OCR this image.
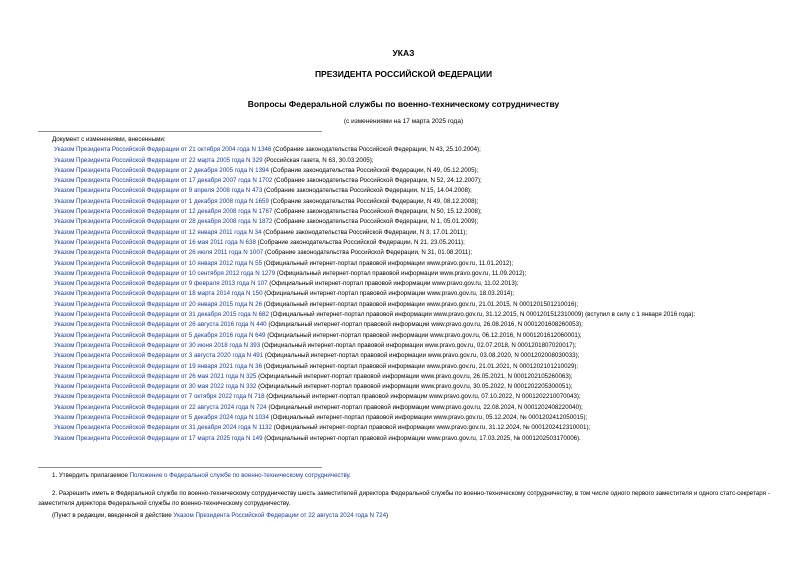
УКАЗ
ПРЕЗИДЕНТА РОССИЙСКОЙ ФЕДЕРАЦИИ
Вопросы Федеральной службы по военно-техническому сотрудничеству
(с изменениями на 17 марта 2025 года)
Документ с изменениями, внесенными:
Указом Президента Российской Федерации от 21 октября 2004 года N 1346 (Собрание законодательства Российской Федерации, N 43, 25.10.2004);
Указом Президента Российской Федерации от 22 марта 2005 года N 329 (Российская газета, N 63, 30.03.2005);
Указом Президента Российской Федерации от 2 декабря 2005 года N 1394 (Собрание законодательства Российской Федерации, N 49, 05.12.2005);
Указом Президента Российской Федерации от 17 декабря 2007 года N 1702 (Собрание законодательства Российской Федерации, N 52, 24.12.2007);
Указом Президента Российской Федерации от 9 апреля 2008 года N 473 (Собрание законодательства Российской Федерации, N 15, 14.04.2008);
Указом Президента Российской Федерации от 1 декабря 2008 года N 1659 (Собрание законодательства Российской Федерации, N 49, 08.12.2008);
Указом Президента Российской Федерации от 12 декабря 2008 года N 1767 (Собрание законодательства Российской Федерации, N 50, 15.12.2008);
Указом Президента Российской Федерации от 28 декабря 2008 года N 1872 (Собрание законодательства Российской Федерации, N 1, 05.01.2009);
Указом Президента Российской Федерации от 12 января 2011 года N 34 (Собрание законодательства Российской Федерации, N 3, 17.01.2011);
Указом Президента Российской Федерации от 16 мая 2011 года N 638 (Собрание законодательства Российской Федерации, N 21, 23.05.2011);
Указом Президента Российской Федерации от 26 июля 2011 года N 1007 (Собрание законодательства Российской Федерации, N 31, 01.08.2011);
Указом Президента Российской Федерации от 10 января 2012 года N 55 (Официальный интернет-портал правовой информации www.pravo.gov.ru, 11.01.2012);
Указом Президента Российской Федерации от 10 сентября 2012 года N 1279 (Официальный интернет-портал правовой информации www.pravo.gov.ru, 11.09.2012);
Указом Президента Российской Федерации от 9 февраля 2013 года N 107 (Официальный интернет-портал правовой информации www.pravo.gov.ru, 11.02.2013);
Указом Президента Российской Федерации от 18 марта 2014 года N 150 (Официальный интернет-портал правовой информации www.pravo.gov.ru, 18.03.2014);
Указом Президента Российской Федерации от 20 января 2015 года N 26 (Официальный интернет-портал правовой информации www.pravo.gov.ru, 21.01.2015, N 0001201501210016);
Указом Президента Российской Федерации от 31 декабря 2015 года N 682 (Официальный интернет-портал правовой информации www.pravo.gov.ru, 31.12.2015, N 0001201512310009) (вступил в силу с 1 января 2016 года);
Указом Президента Российской Федерации от 26 августа 2016 года N 440 (Официальный интернет-портал правовой информации www.pravo.gov.ru, 26.08.2016, N 0001201608260053);
Указом Президента Российской Федерации от 5 декабря 2016 года N 649 (Официальный интернет-портал правовой информации www.pravo.gov.ru, 06.12.2016, N 0001201612060001);
Указом Президента Российской Федерации от 30 июня 2018 года N 393 (Официальный интернет-портал правовой информации www.pravo.gov.ru, 02.07.2018, N 0001201807020017);
Указом Президента Российской Федерации от 3 августа 2020 года N 491 (Официальный интернет-портал правовой информации www.pravo.gov.ru, 03.08.2020, N 0001202008030033);
Указом Президента Российской Федерации от 19 января 2021 года N 36 (Официальный интернет-портал правовой информации www.pravo.gov.ru, 21.01.2021, N 0001202101210029);
Указом Президента Российской Федерации от 26 мая 2021 года N 325 (Официальный интернет-портал правовой информации www.pravo.gov.ru, 26.05.2021, N 0001202105260063);
Указом Президента Российской Федерации от 30 мая 2022 года N 332 (Официальный интернет-портал правовой информации www.pravo.gov.ru, 30.05.2022, N 0001202205300051);
Указом Президента Российской Федерации от 7 октября 2022 года N 718 (Официальный интернет-портал правовой информации www.pravo.gov.ru, 07.10.2022, N 0001202210070043);
Указом Президента Российской Федерации от 22 августа 2024 года N 724 (Официальный интернет-портал правовой информации www.pravo.gov.ru, 22.08.2024, N 0001202408220040);
Указом Президента Российской Федерации от 5 декабря 2024 года N 1034 (Официальный интернет-портал правовой информации www.pravo.gov.ru, 05.12.2024, № 0001202412050015);
Указом Президента Российской Федерации от 31 декабря 2024 года N 1132 (Официальный интернет-портал правовой информации www.pravo.gov.ru, 31.12.2024, № 0001202412310001);
Указом Президента Российской Федерации от 17 марта 2025 года N 149 (Официальный интернет-портал правовой информации www.pravo.gov.ru, 17.03.2025, № 0001202503170006).
1. Утвердить прилагаемое Положение о Федеральной службе по военно-техническому сотрудничеству.
2. Разрешить иметь в Федеральной службе по военно-техническому сотрудничеству шесть заместителей директора Федеральной службы по военно-техническому сотрудничеству, в том числе одного первого заместителя и одного статс-секретаря - заместителя директора Федеральной службы по военно-техническому сотрудничеству.
(Пункт в редакции, введенной в действие Указом Президента Российской Федерации от 22 августа 2024 года N 724)
